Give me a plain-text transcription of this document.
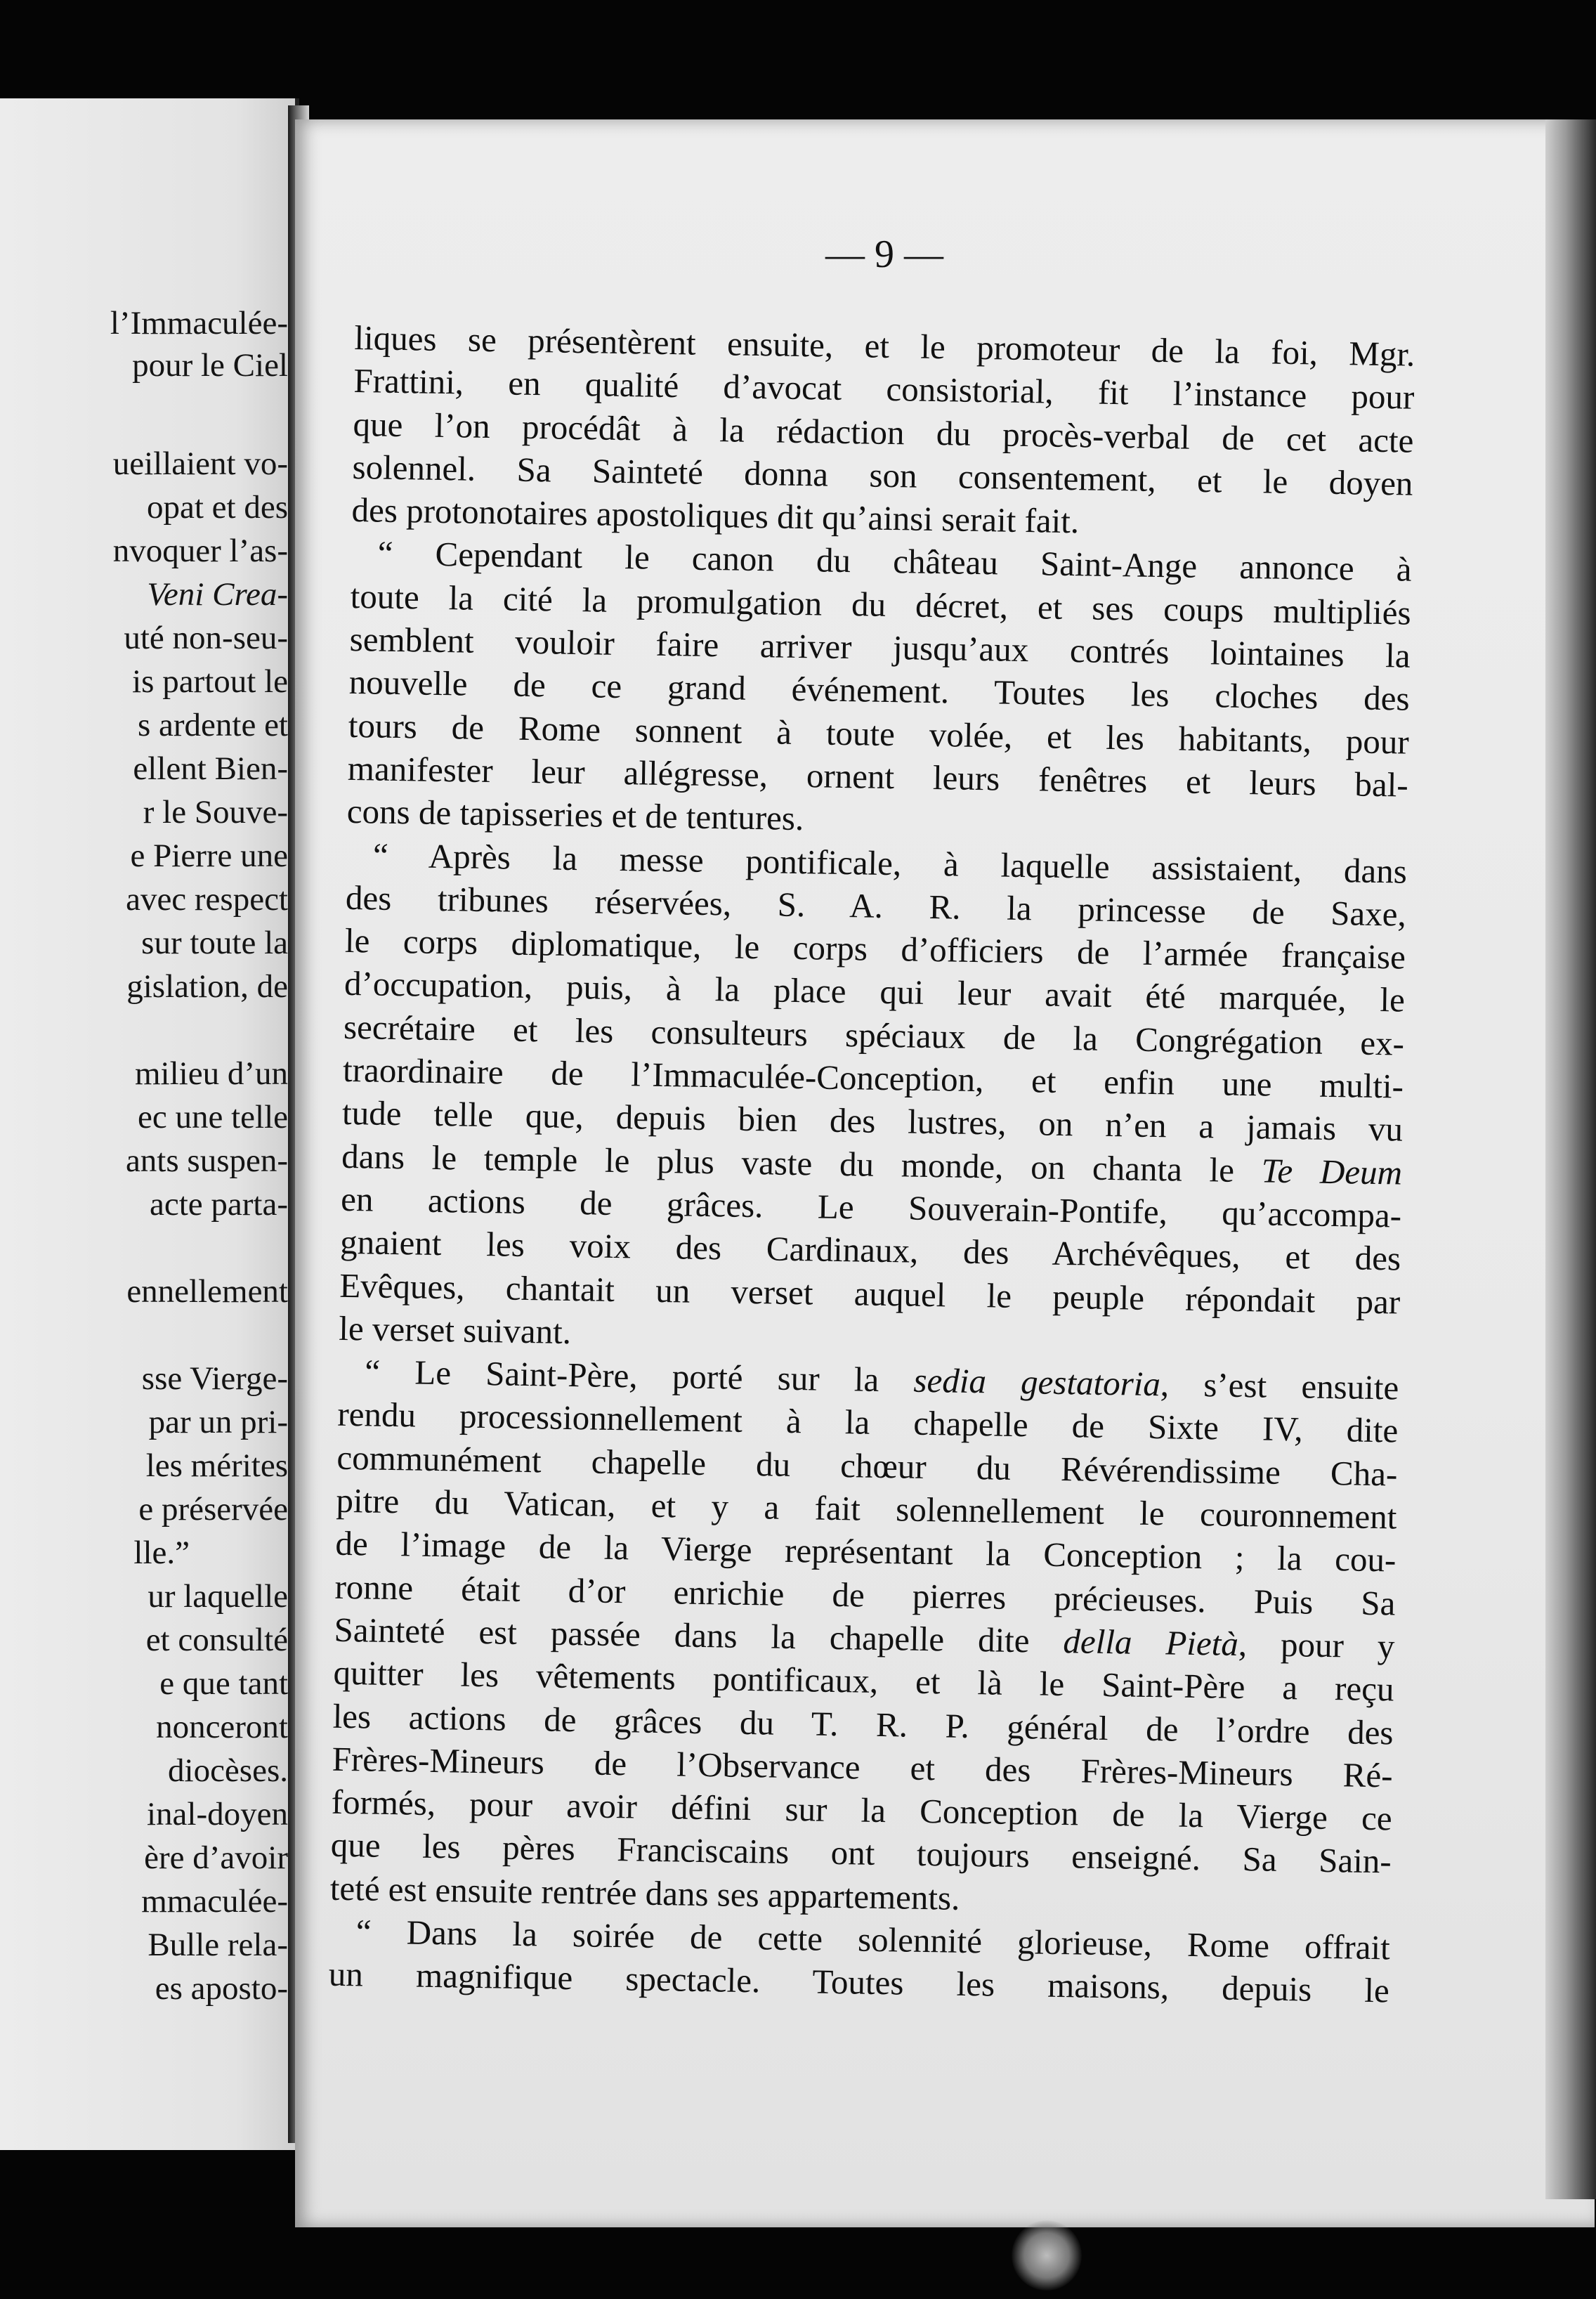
l’Immaculée-

pour le Ciel

ueillaient vo-

opat et des

nvoquer l’as-

Veni Crea-

uté non-seu-

is partout le

s ardente et

ellent Bien-

r le Souve-

e Pierre une

avec respect

sur toute la

gislation, de

milieu d’un

ec une telle

ants suspen-

acte parta-

ennellement

sse Vierge-

par un pri-

les mérites

e préservée

lle.”

ur laquelle

et consulté

e que tant

nonceront

diocèses.

inal-doyen

ère d’avoir

mmaculée-

Bulle rela-

es aposto-

— 9 —

liques se présentèrent ensuite, et le promoteur de la foi, Mgr.

Frattini, en qualité d’avocat consistorial, fit l’instance pour

que l’on procédât à la rédaction du procès-verbal de cet acte

solennel. Sa Sainteté donna son consentement, et le doyen

des protonotaires apostoliques dit qu’ainsi serait fait.

“ Cependant le canon du château Saint-Ange annonce à

toute la cité la promulgation du décret, et ses coups multipliés

semblent vouloir faire arriver jusqu’aux contrés lointaines la

nouvelle de ce grand événement. Toutes les cloches des

tours de Rome sonnent à toute volée, et les habitants, pour

manifester leur allégresse, ornent leurs fenêtres et leurs bal-

cons de tapisseries et de tentures.

“ Après la messe pontificale, à laquelle assistaient, dans

des tribunes réservées, S. A. R. la princesse de Saxe,

le corps diplomatique, le corps d’officiers de l’armée française

d’occupation, puis, à la place qui leur avait été marquée, le

secrétaire et les consulteurs spéciaux de la Congrégation ex-

traordinaire de l’Immaculée-Conception, et enfin une multi-

tude telle que, depuis bien des lustres, on n’en a jamais vu

dans le temple le plus vaste du monde, on chanta le Te Deum

en actions de grâces. Le Souverain-Pontife, qu’accompa-

gnaient les voix des Cardinaux, des Archévêques, et des

Evêques, chantait un verset auquel le peuple répondait par

le verset suivant.

“ Le Saint-Père, porté sur la sedia gestatoria, s’est ensuite

rendu processionnellement à la chapelle de Sixte IV, dite

communément chapelle du chœur du Révérendissime Cha-

pitre du Vatican, et y a fait solennellement le couronnement

de l’image de la Vierge représentant la Conception ; la cou-

ronne était d’or enrichie de pierres précieuses. Puis Sa

Sainteté est passée dans la chapelle dite della Pietà, pour y

quitter les vêtements pontificaux, et là le Saint-Père a reçu

les actions de grâces du T. R. P. général de l’ordre des

Frères-Mineurs de l’Observance et des Frères-Mineurs Ré-

formés, pour avoir défini sur la Conception de la Vierge ce

que les pères Franciscains ont toujours enseigné. Sa Sain-

teté est ensuite rentrée dans ses appartements.

“ Dans la soirée de cette solennité glorieuse, Rome offrait

un magnifique spectacle. Toutes les maisons, depuis le
